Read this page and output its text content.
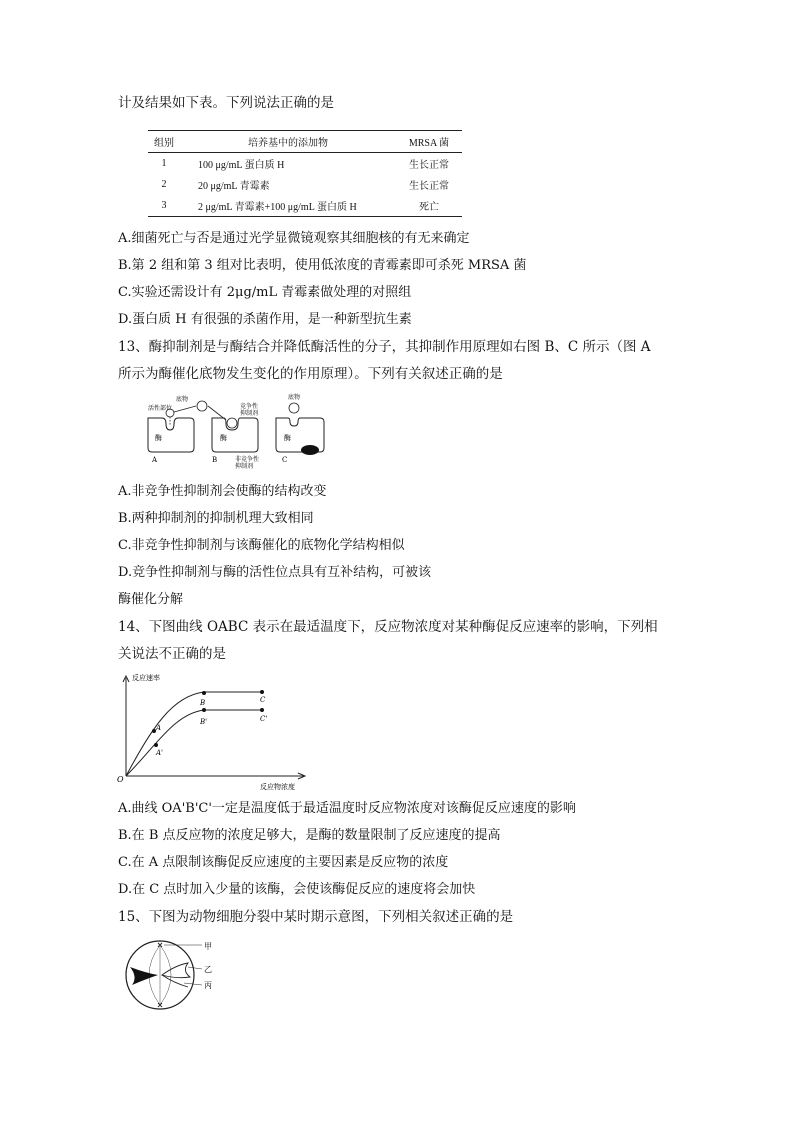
计及结果如下表。下列说法正确的是
组别	培养基中的添加物	MRSA 菌
1	100 μg/mL 蛋白质 H	生长正常
2	20 μg/mL 青霉素	生长正常
3	2 μg/mL 青霉素+100 μg/mL 蛋白质 H	死亡
A.细菌死亡与否是通过光学显微镜观察其细胞核的有无来确定
B.第 2 组和第 3 组对比表明，使用低浓度的青霉素即可杀死 MRSA 菌
C.实验还需设计有 2μg/mL 青霉素做处理的对照组
D.蛋白质 H 有很强的杀菌作用，是一种新型抗生素
13、酶抑制剂是与酶结合并降低酶活性的分子，其抑制作用原理如右图 B、C 所示（图 A
所示为酶催化底物发生变化的作用原理）。下列有关叙述正确的是
活性部位
底物
竞争性
抑制剂
底物
非竞争性
抑制剂
酶	酶	酶
A	B	C
A.非竞争性抑制剂会使酶的结构改变
B.两种抑制剂的抑制机理大致相同
C.非竞争性抑制剂与该酶催化的底物化学结构相似
D.竞争性抑制剂与酶的活性位点具有互补结构，可被该
酶催化分解
14、下图曲线 OABC 表示在最适温度下，反应物浓度对某种酶促反应速率的影响，下列相
关说法不正确的是
反应速率
反应物浓度
O
A
B	C
A'
B'	C'
A.曲线 OA'B'C'一定是温度低于最适温度时反应物浓度对该酶促反应速度的影响
B.在 B 点反应物的浓度足够大，是酶的数量限制了反应速度的提高
C.在 A 点限制该酶促反应速度的主要因素是反应物的浓度
D.在 C 点时加入少量的该酶，会使该酶促反应的速度将会加快
15、下图为动物细胞分裂中某时期示意图，下列相关叙述正确的是
甲
乙
丙
